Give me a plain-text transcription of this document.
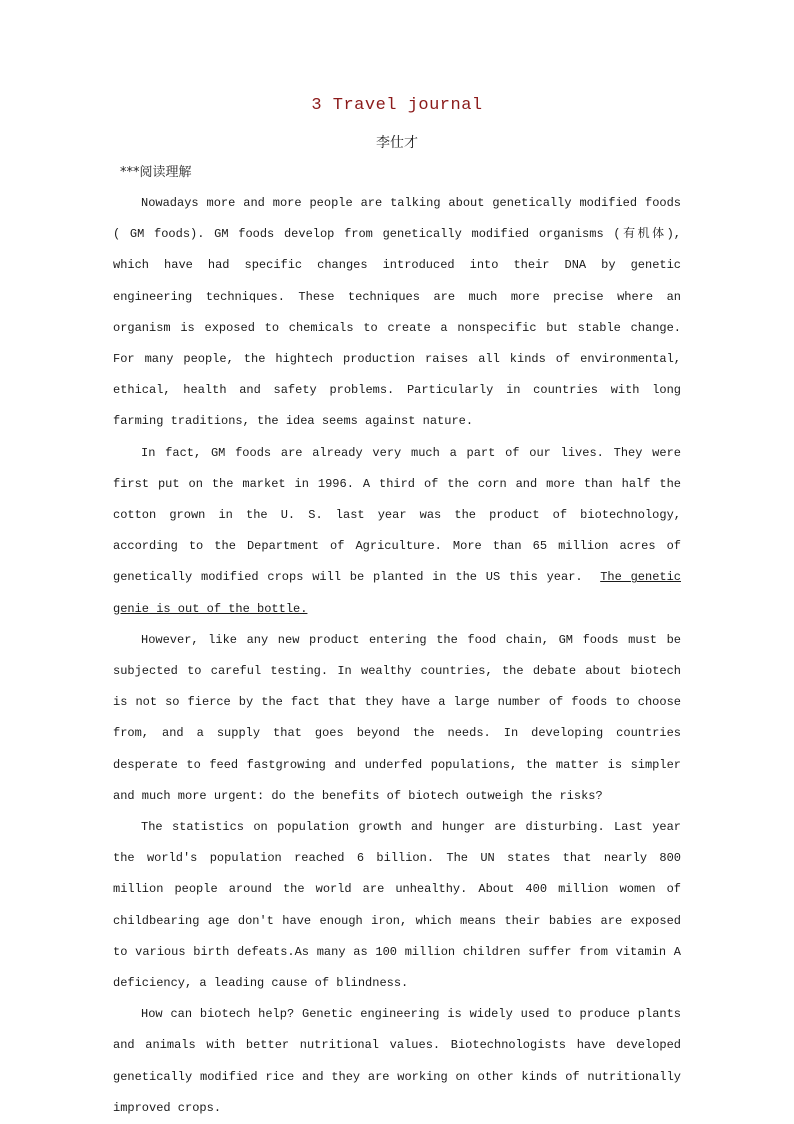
3 Travel journal
李仕才
***阅读理解

Nowadays more and more people are talking about genetically modified foods ( GM foods). GM foods develop from genetically modified organisms (有机体), which have had specific changes introduced into their DNA by genetic engineering techniques. These techniques are much more precise where an organism is exposed to chemicals to create a nonspecific but stable change. For many people, the hightech production raises all kinds of environmental, ethical, health and safety problems. Particularly in countries with long farming traditions, the idea seems against nature.

In fact, GM foods are already very much a part of our lives. They were first put on the market in 1996. A third of the corn and more than half the cotton grown in the U. S. last year was the product of biotechnology, according to the Department of Agriculture. More than 65 million acres of genetically modified crops will be planted in the US this year.  The genetic genie is out of the bottle.

However, like any new product entering the food chain, GM foods must be subjected to careful testing. In wealthy countries, the debate about biotech is not so fierce by the fact that they have a large number of foods to choose from, and a supply that goes beyond the needs. In developing countries desperate to feed fastgrowing and underfed populations, the matter is simpler and much more urgent: do the benefits of biotech outweigh the risks?

The statistics on population growth and hunger are disturbing. Last year the world's population reached 6 billion. The UN states that nearly 800 million people around the world are unhealthy. About 400 million women of childbearing age don't have enough iron, which means their babies are exposed to various birth defeats.As many as 100 million children suffer from vitamin A deficiency, a leading cause of blindness.

How can biotech help? Genetic engineering is widely used to produce plants and animals with better nutritional values. Biotechnologists have developed genetically modified rice and they are working on other kinds of nutritionally improved crops.
